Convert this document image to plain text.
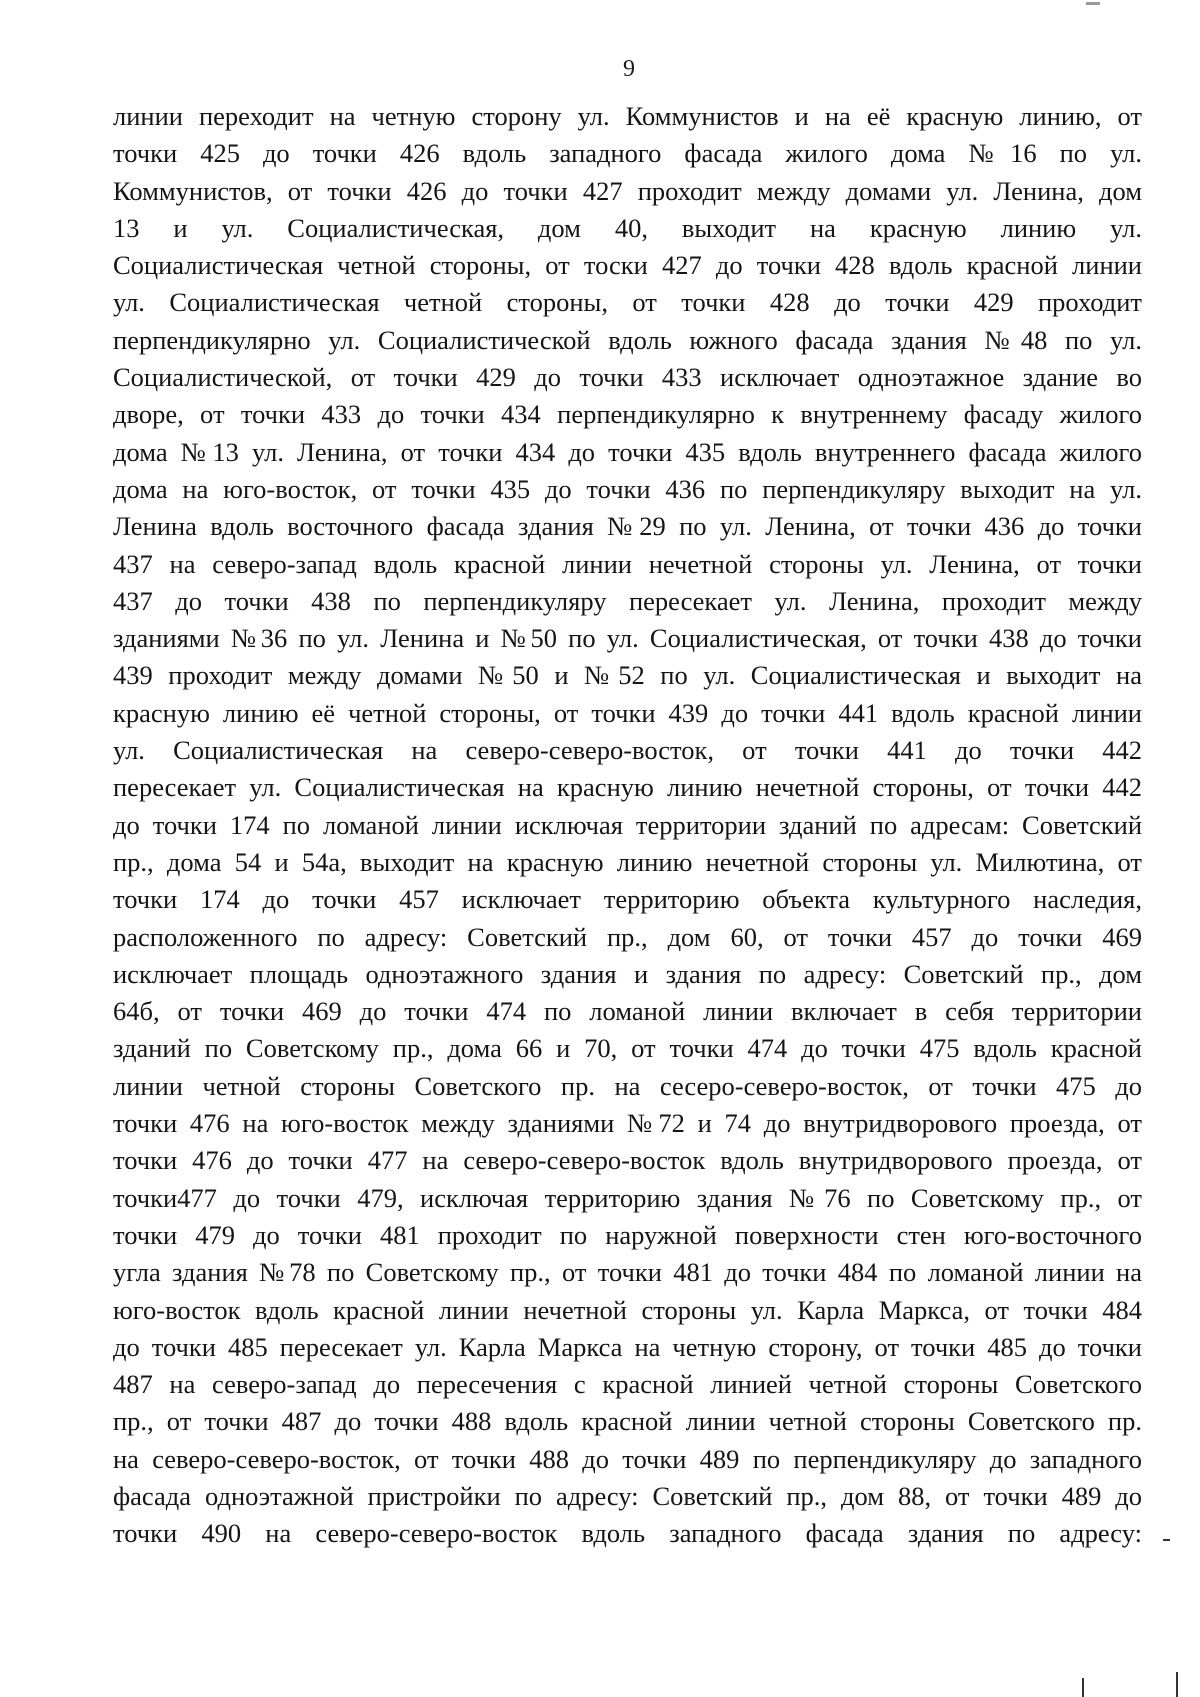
9
линии переходит на четную сторону ул. Коммунистов и на её красную линию, от
точки 425 до точки 426 вдоль западного фасада жилого дома №16 по ул.
Коммунистов, от точки 426 до точки 427 проходит между домами ул. Ленина, дом
13 и ул. Социалистическая, дом 40, выходит на красную линию ул.
Социалистическая четной стороны, от тоски 427 до точки 428 вдоль красной линии
ул. Социалистическая четной стороны, от точки 428 до точки 429 проходит
перпендикулярно ул. Социалистической вдоль южного фасада здания №48 по ул.
Социалистической, от точки 429 до точки 433 исключает одноэтажное здание во
дворе, от точки 433 до точки 434 перпендикулярно к внутреннему фасаду жилого
дома №13 ул. Ленина, от точки 434 до точки 435 вдоль внутреннего фасада жилого
дома на юго-восток, от точки 435 до точки 436 по перпендикуляру выходит на ул.
Ленина вдоль восточного фасада здания №29 по ул. Ленина, от точки 436 до точки
437 на северо-запад вдоль красной линии нечетной стороны ул. Ленина, от точки
437 до точки 438 по перпендикуляру пересекает ул. Ленина, проходит между
зданиями №36 по ул. Ленина и №50 по ул. Социалистическая, от точки 438 до точки
439 проходит между домами №50 и №52 по ул. Социалистическая и выходит на
красную линию её четной стороны, от точки 439 до точки 441 вдоль красной линии
ул. Социалистическая на северо-северо-восток, от точки 441 до точки 442
пересекает ул. Социалистическая на красную линию нечетной стороны, от точки 442
до точки 174 по ломаной линии исключая территории зданий по адресам: Советский
пр., дома 54 и 54а, выходит на красную линию нечетной стороны ул. Милютина, от
точки 174 до точки 457 исключает территорию объекта культурного наследия,
расположенного по адресу: Советский пр., дом 60, от точки 457 до точки 469
исключает площадь одноэтажного здания и здания по адресу: Советский пр., дом
64б, от точки 469 до точки 474 по ломаной линии включает в себя территории
зданий по Советскому пр., дома 66 и 70, от точки 474 до точки 475 вдоль красной
линии четной стороны Советского пр. на сесеро-северо-восток, от точки 475 до
точки 476 на юго-восток между зданиями №72 и 74 до внутридворового проезда, от
точки 476 до точки 477 на северо-северо-восток вдоль внутридворового проезда, от
точки477 до точки 479, исключая территорию здания №76 по Советскому пр., от
точки 479 до точки 481 проходит по наружной поверхности стен юго-восточного
угла здания №78 по Советскому пр., от точки 481 до точки 484 по ломаной линии на
юго-восток вдоль красной линии нечетной стороны ул. Карла Маркса, от точки 484
до точки 485 пересекает ул. Карла Маркса на четную сторону, от точки 485 до точки
487 на северо-запад до пересечения с красной линией четной стороны Советского
пр., от точки 487 до точки 488 вдоль красной линии четной стороны Советского пр.
на северо-северо-восток, от точки 488 до точки 489 по перпендикуляру до западного
фасада одноэтажной пристройки по адресу: Советский пр., дом 88, от точки 489 до
точки 490 на северо-северо-восток вдоль западного фасада здания по адресу:
